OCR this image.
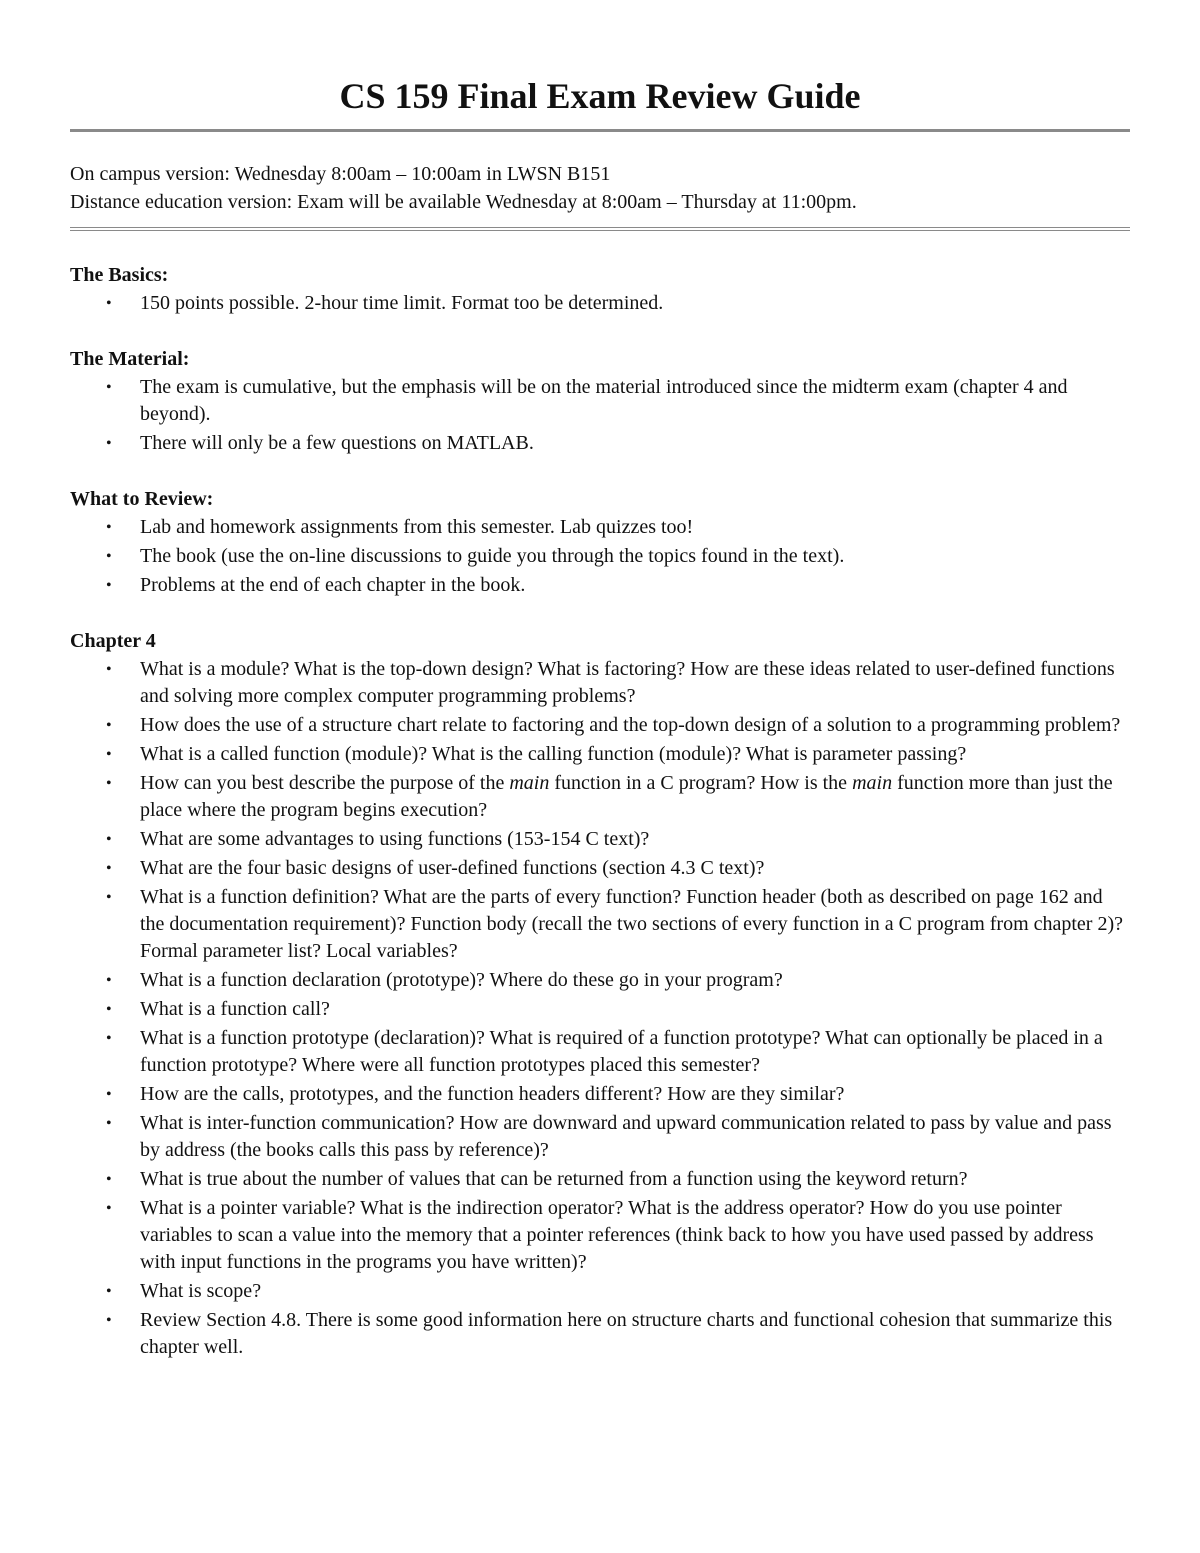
CS 159 Final Exam Review Guide
On campus version: Wednesday 8:00am – 10:00am in LWSN B151
Distance education version: Exam will be available Wednesday at 8:00am – Thursday at 11:00pm.
The Basics:
• 150 points possible. 2-hour time limit. Format too be determined.
The Material:
• The exam is cumulative, but the emphasis will be on the material introduced since the midterm exam (chapter 4 and beyond).
• There will only be a few questions on MATLAB.
What to Review:
• Lab and homework assignments from this semester. Lab quizzes too!
• The book (use the on-line discussions to guide you through the topics found in the text).
• Problems at the end of each chapter in the book.
Chapter 4
• What is a module? What is the top-down design? What is factoring? How are these ideas related to user-defined functions and solving more complex computer programming problems?
• How does the use of a structure chart relate to factoring and the top-down design of a solution to a programming problem?
• What is a called function (module)? What is the calling function (module)? What is parameter passing?
• How can you best describe the purpose of the main function in a C program? How is the main function more than just the place where the program begins execution?
• What are some advantages to using functions (153-154 C text)?
• What are the four basic designs of user-defined functions (section 4.3 C text)?
• What is a function definition? What are the parts of every function? Function header (both as described on page 162 and the documentation requirement)? Function body (recall the two sections of every function in a C program from chapter 2)? Formal parameter list? Local variables?
• What is a function declaration (prototype)? Where do these go in your program?
• What is a function call?
• What is a function prototype (declaration)? What is required of a function prototype? What can optionally be placed in a function prototype? Where were all function prototypes placed this semester?
• How are the calls, prototypes, and the function headers different? How are they similar?
• What is inter-function communication? How are downward and upward communication related to pass by value and pass by address (the books calls this pass by reference)?
• What is true about the number of values that can be returned from a function using the keyword return?
• What is a pointer variable? What is the indirection operator? What is the address operator? How do you use pointer variables to scan a value into the memory that a pointer references (think back to how you have used passed by address with input functions in the programs you have written)?
• What is scope?
• Review Section 4.8. There is some good information here on structure charts and functional cohesion that summarize this chapter well.
